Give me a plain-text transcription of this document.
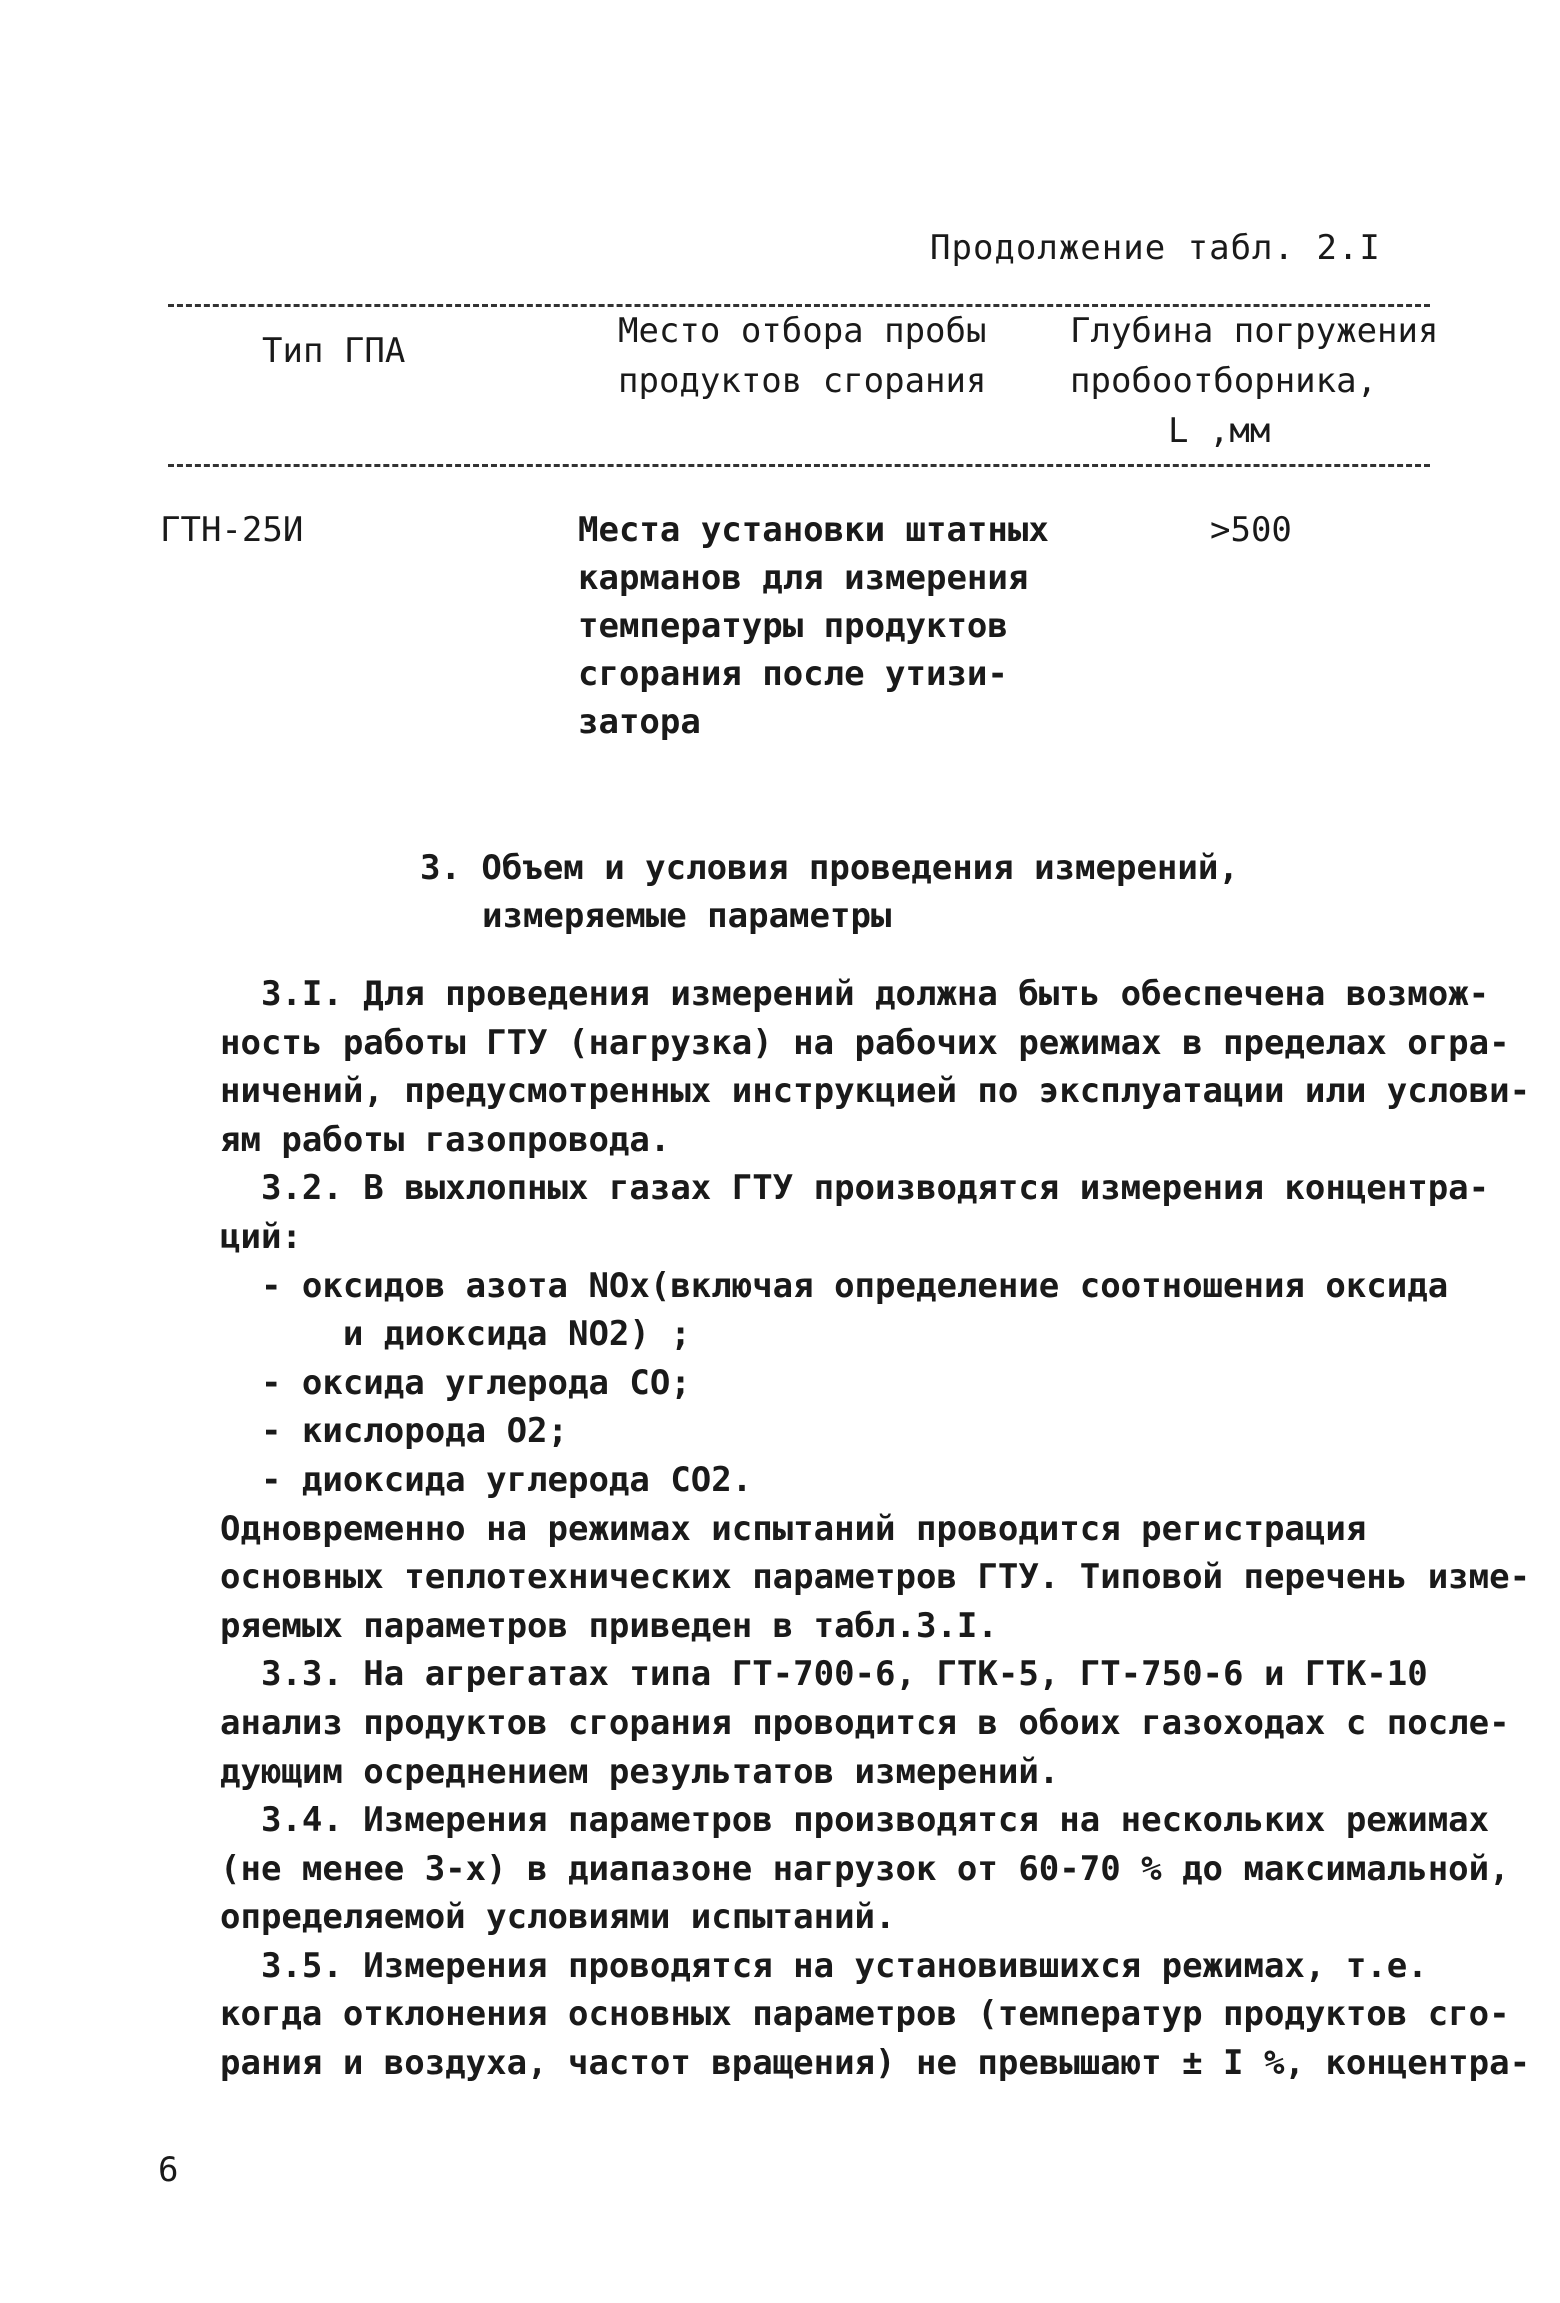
Продолжение табл. 2.I
Тип ГПА	Место отбора пробы
продуктов сгорания
Глубина погружения
пробоотборника,
L ,мм
ГТН-25И	Места установки штатных
карманов для измерения
температуры продуктов
сгорания после утизи-
затора
>500
3. Объем и условия проведения измерений,
измеряемые параметры
3.I. Для проведения измерений должна быть обеспечена возмож-
ность работы ГТУ (нагрузка) на рабочих режимах в пределах огра-
ничений, предусмотренных инструкцией по эксплуатации или услови-
ям работы газопровода.
3.2. В выхлопных газах ГТУ производятся измерения концентра-
ций:
- оксидов азота NOx(включая определение соотношения оксида
и диоксида NO2) ;
- оксида углерода СО;
- кислорода O2;
- диоксида углерода СО2.
Одновременно на режимах испытаний проводится регистрация
основных теплотехнических параметров ГТУ. Типовой перечень изме-
ряемых параметров приведен в табл.3.I.
3.3. На агрегатах типа ГТ-700-6, ГТК-5, ГТ-750-6 и ГТК-10
анализ продуктов сгорания проводится в обоих газоходах с после-
дующим осреднением результатов измерений.
3.4. Измерения параметров производятся на нескольких режимах
(не менее 3-х) в диапазоне нагрузок от 60-70 % до максимальной,
определяемой условиями испытаний.
3.5. Измерения проводятся на установившихся режимах, т.е.
когда отклонения основных параметров (температур продуктов сго-
рания и воздуха, частот вращения) не превышают ± I %, концентра-
6
